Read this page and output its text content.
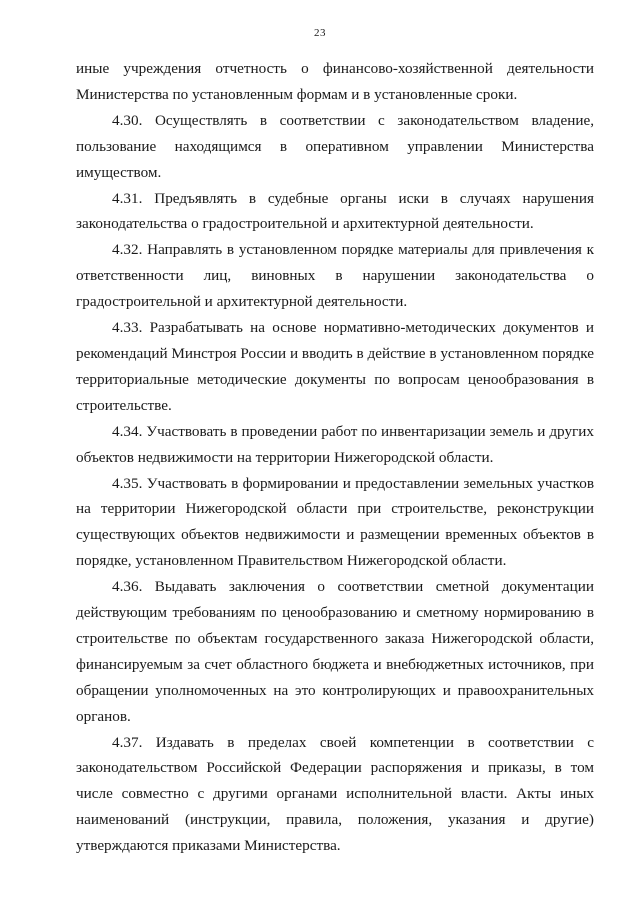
23

иные учреждения отчетность о финансово-хозяйственной деятельности Министерства по установленным формам и в установленные сроки.

4.30. Осуществлять в соответствии с законодательством владение, пользование находящимся в оперативном управлении Министерства имуществом.

4.31. Предъявлять в судебные органы иски в случаях нарушения законодательства о градостроительной и архитектурной деятельности.

4.32. Направлять в установленном порядке материалы для привлечения к ответственности лиц, виновных в нарушении законодательства о градостроительной и архитектурной деятельности.

4.33. Разрабатывать на основе нормативно-методических документов и рекомендаций Минстроя России и вводить в действие в установленном порядке территориальные методические документы по вопросам ценообразования в строительстве.

4.34. Участвовать в проведении работ по инвентаризации земель и других объектов недвижимости на территории Нижегородской области.

4.35. Участвовать в формировании и предоставлении земельных участков на территории Нижегородской области при строительстве, реконструкции существующих объектов недвижимости и размещении временных объектов в порядке, установленном Правительством Нижегородской области.

4.36. Выдавать заключения о соответствии сметной документации действующим требованиям по ценообразованию и сметному нормированию в строительстве по объектам государственного заказа Нижегородской области, финансируемым за счет областного бюджета и внебюджетных источников, при обращении уполномоченных на это контролирующих и правоохранительных органов.

4.37. Издавать в пределах своей компетенции в соответствии с законодательством Российской Федерации распоряжения и приказы, в том числе совместно с другими органами исполнительной власти. Акты иных наименований (инструкции, правила, положения, указания и другие) утверждаются приказами Министерства.
